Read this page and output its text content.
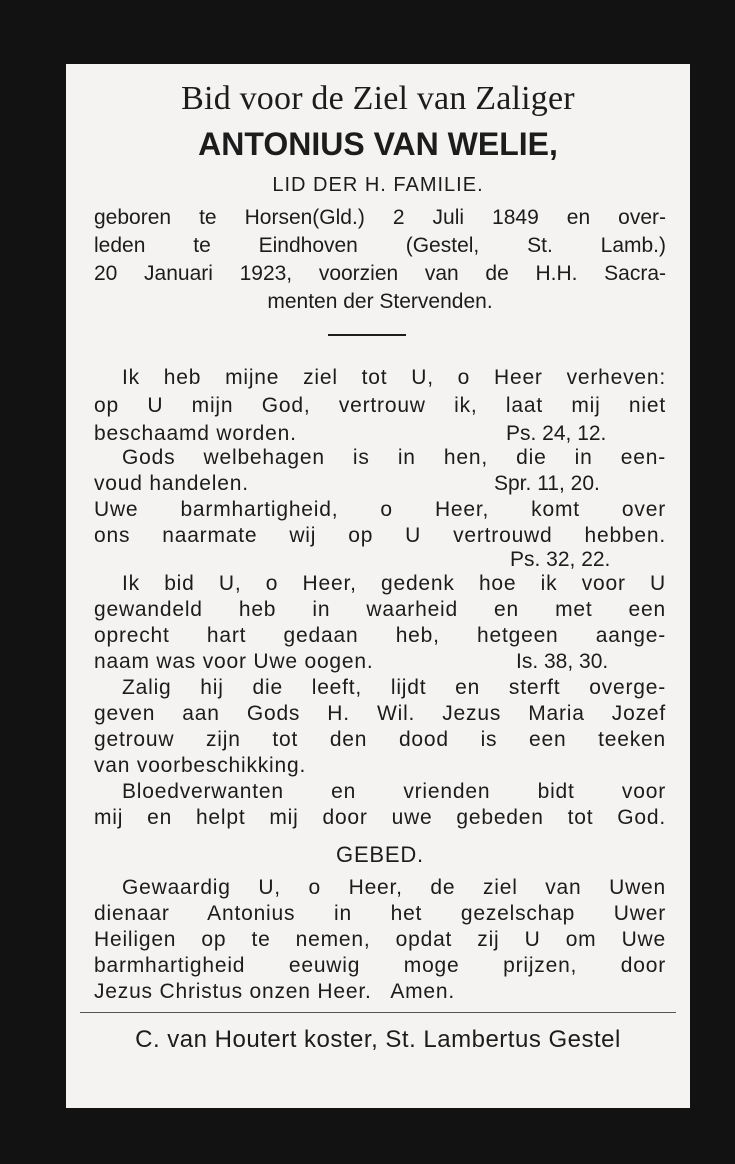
Bid voor de Ziel van Zaliger
ANTONIUS VAN WELIE,
LID DER H. FAMILIE.
geboren te Horsen(Gld.) 2 Juli 1849 en over-
leden te Eindhoven (Gestel, St. Lamb.)
20 Januari 1923, voorzien van de H.H. Sacra-
menten der Stervenden.
Ik heb mijne ziel tot U, o Heer verheven:
op U mijn God, vertrouw ik, laat mij niet
beschaamd worden.	Ps. 24, 12.
Gods welbehagen is in hen, die in een-
voud handelen.	Spr. 11, 20.
Uwe barmhartigheid, o Heer, komt over
ons naarmate wij op U vertrouwd hebben.
Ps. 32, 22.
Ik bid U, o Heer, gedenk hoe ik voor U
gewandeld heb in waarheid en met een
oprecht hart gedaan heb, hetgeen aange-
naam was voor Uwe oogen.	Is. 38, 30.
Zalig hij die leeft, lijdt en sterft overge-
geven aan Gods H. Wil. Jezus Maria Jozef
getrouw zijn tot den dood is een teeken
van voorbeschikking.
Bloedverwanten en vrienden bidt voor
mij en helpt mij door uwe gebeden tot God.
GEBED.
Gewaardig U, o Heer, de ziel van Uwen
dienaar Antonius in het gezelschap Uwer
Heiligen op te nemen, opdat zij U om Uwe
barmhartigheid eeuwig moge prijzen, door
Jezus Christus onzen Heer.   Amen.
C. van Houtert koster, St. Lambertus Gestel
